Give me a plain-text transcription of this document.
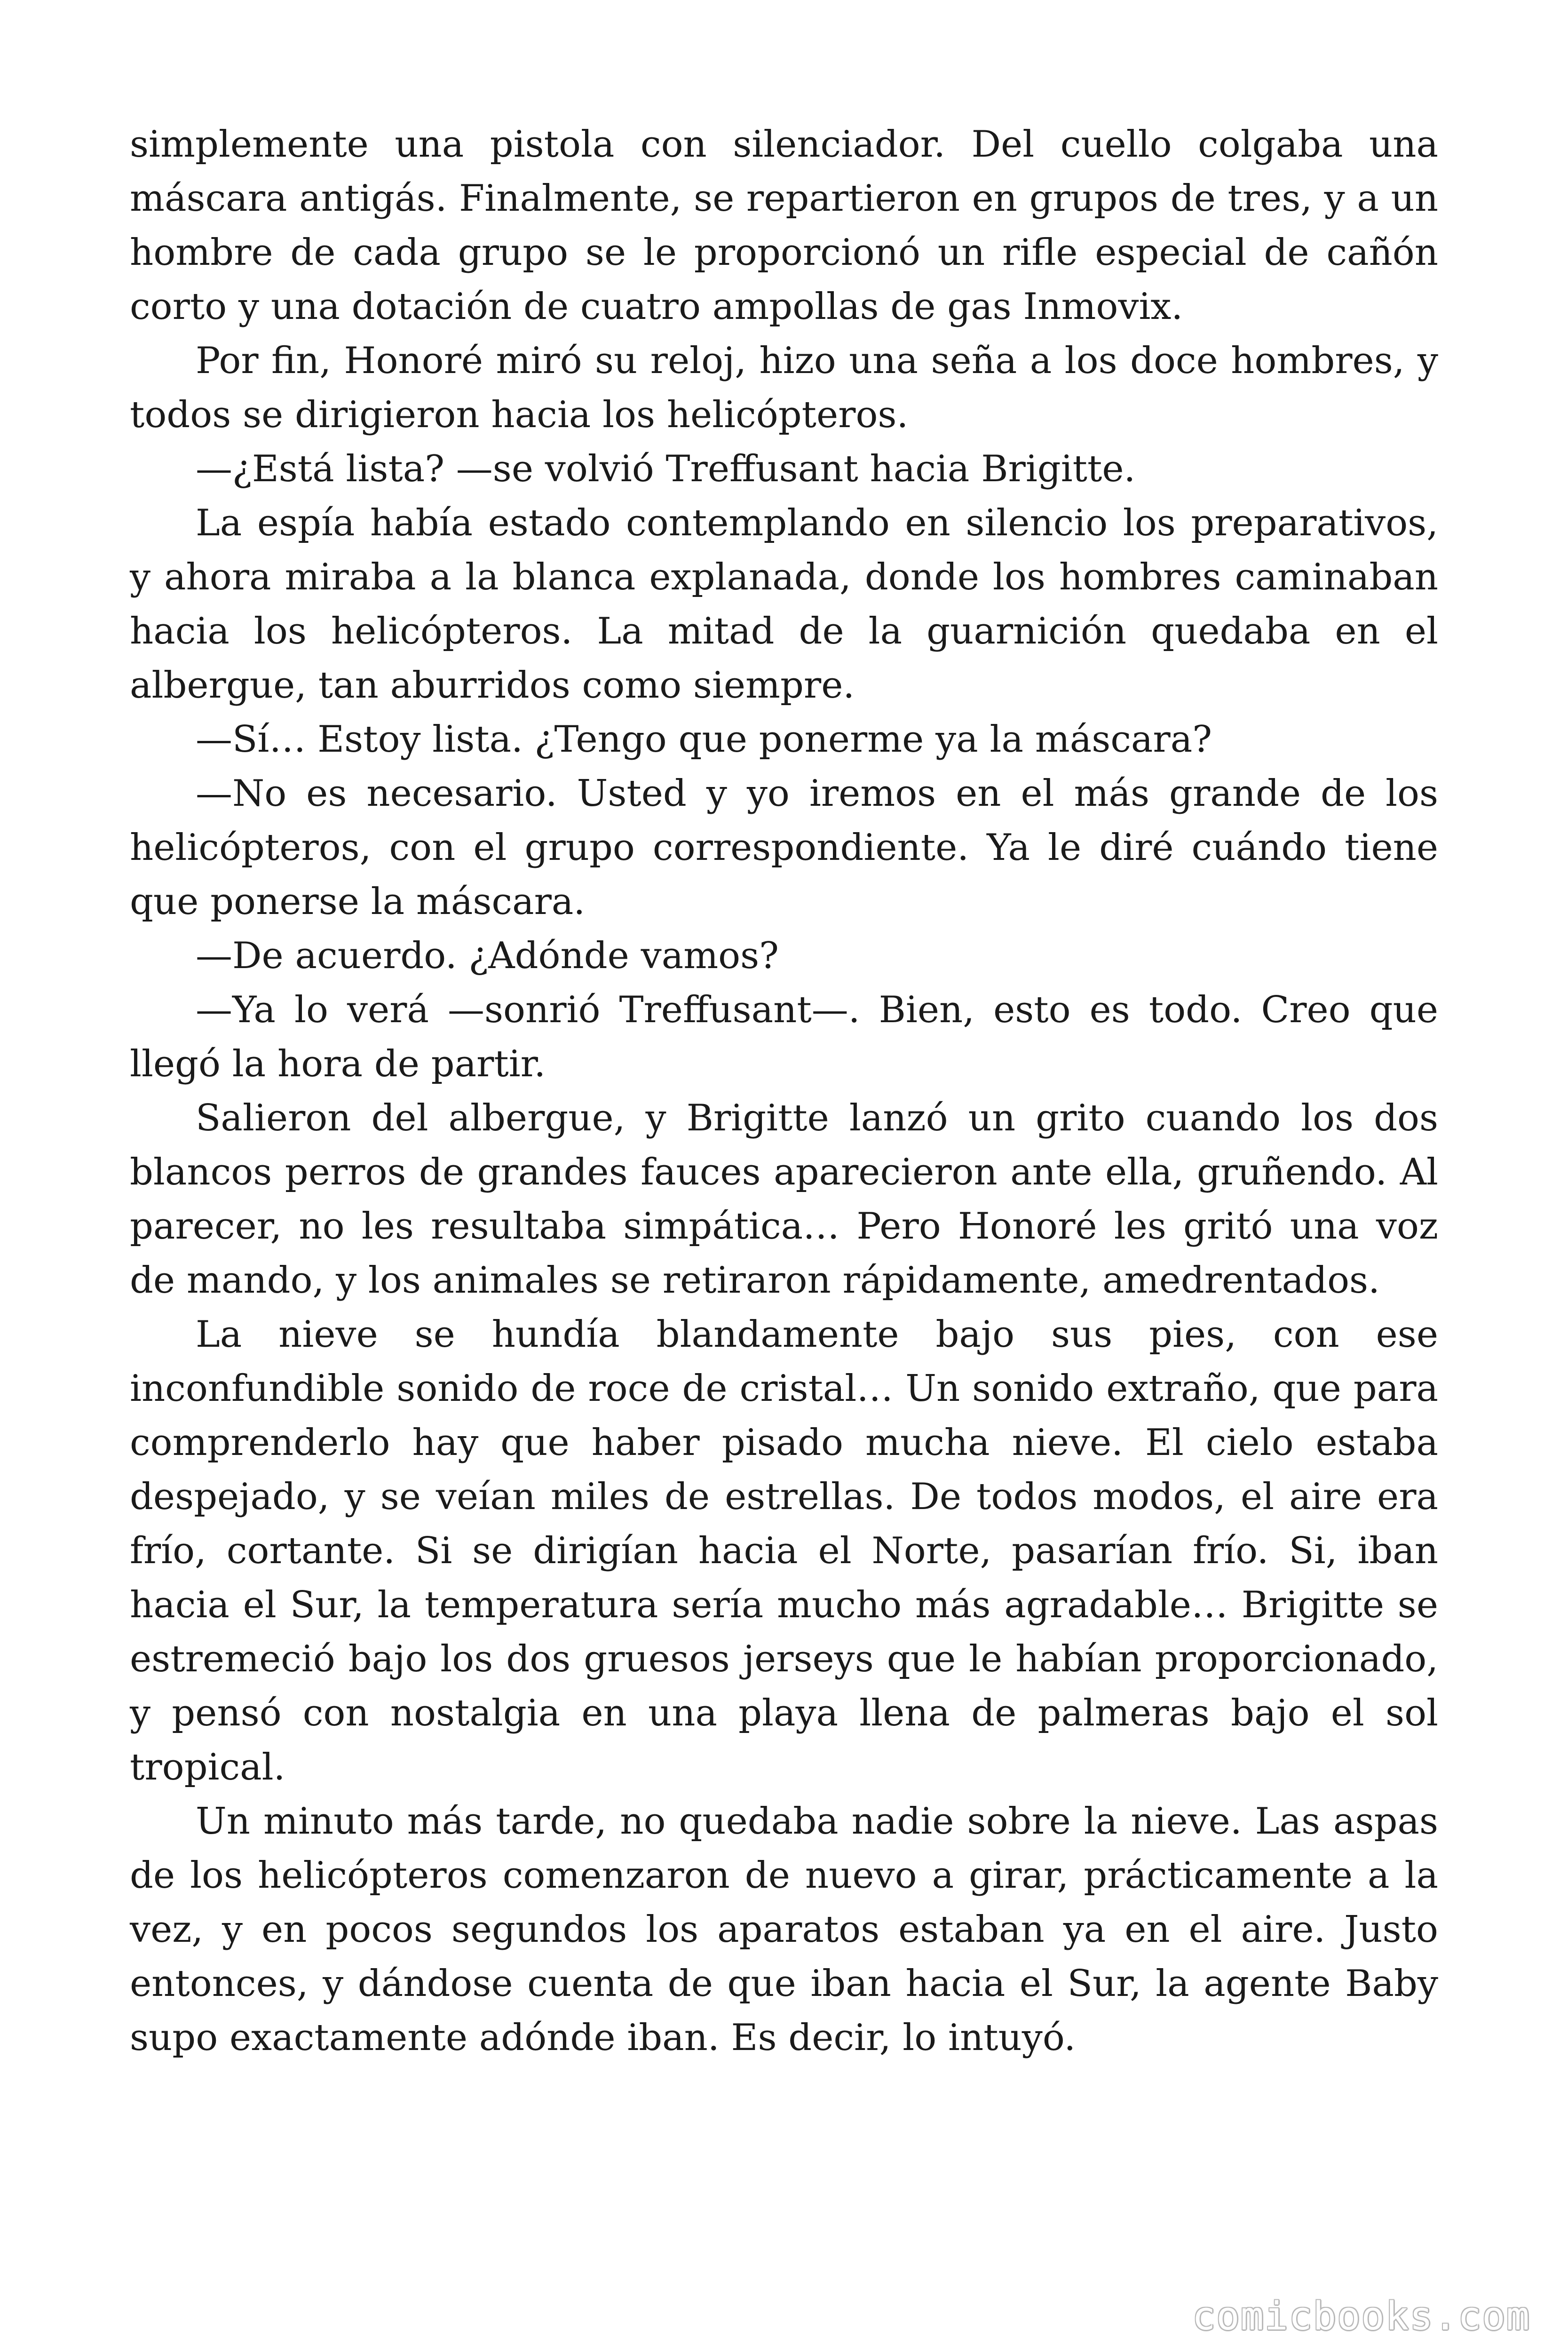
simplemente una pistola con silenciador. Del cuello colgaba una máscara antigás. Finalmente, se repartieron en grupos de tres, y a un hombre de cada grupo se le proporcionó un rifle especial de cañón corto y una dotación de cuatro ampollas de gas Inmovix.

Por fin, Honoré miró su reloj, hizo una seña a los doce hombres, y todos se dirigieron hacia los helicópteros.

—¿Está lista? —se volvió Treffusant hacia Brigitte.

La espía había estado contemplando en silencio los preparativos, y ahora miraba a la blanca explanada, donde los hombres caminaban hacia los helicópteros. La mitad de la guarnición quedaba en el albergue, tan aburridos como siempre.

—Sí… Estoy lista. ¿Tengo que ponerme ya la máscara?

—No es necesario. Usted y yo iremos en el más grande de los helicópteros, con el grupo correspondiente. Ya le diré cuándo tiene que ponerse la máscara.

—De acuerdo. ¿Adónde vamos?

—Ya lo verá —sonrió Treffusant—. Bien, esto es todo. Creo que llegó la hora de partir.

Salieron del albergue, y Brigitte lanzó un grito cuando los dos blancos perros de grandes fauces aparecieron ante ella, gruñendo. Al parecer, no les resultaba simpática… Pero Honoré les gritó una voz de mando, y los animales se retiraron rápidamente, amedrentados.

La nieve se hundía blandamente bajo sus pies, con ese inconfundible sonido de roce de cristal… Un sonido extraño, que para comprenderlo hay que haber pisado mucha nieve. El cielo estaba despejado, y se veían miles de estrellas. De todos modos, el aire era frío, cortante. Si se dirigían hacia el Norte, pasarían frío. Si, iban hacia el Sur, la temperatura sería mucho más agradable… Brigitte se estremeció bajo los dos gruesos jerseys que le habían proporcionado, y pensó con nostalgia en una playa llena de palmeras bajo el sol tropical.

Un minuto más tarde, no quedaba nadie sobre la nieve. Las aspas de los helicópteros comenzaron de nuevo a girar, prácticamente a la vez, y en pocos segundos los aparatos estaban ya en el aire. Justo entonces, y dándose cuenta de que iban hacia el Sur, la agente Baby supo exactamente adónde iban. Es decir, lo intuyó.

comicbooks.com
